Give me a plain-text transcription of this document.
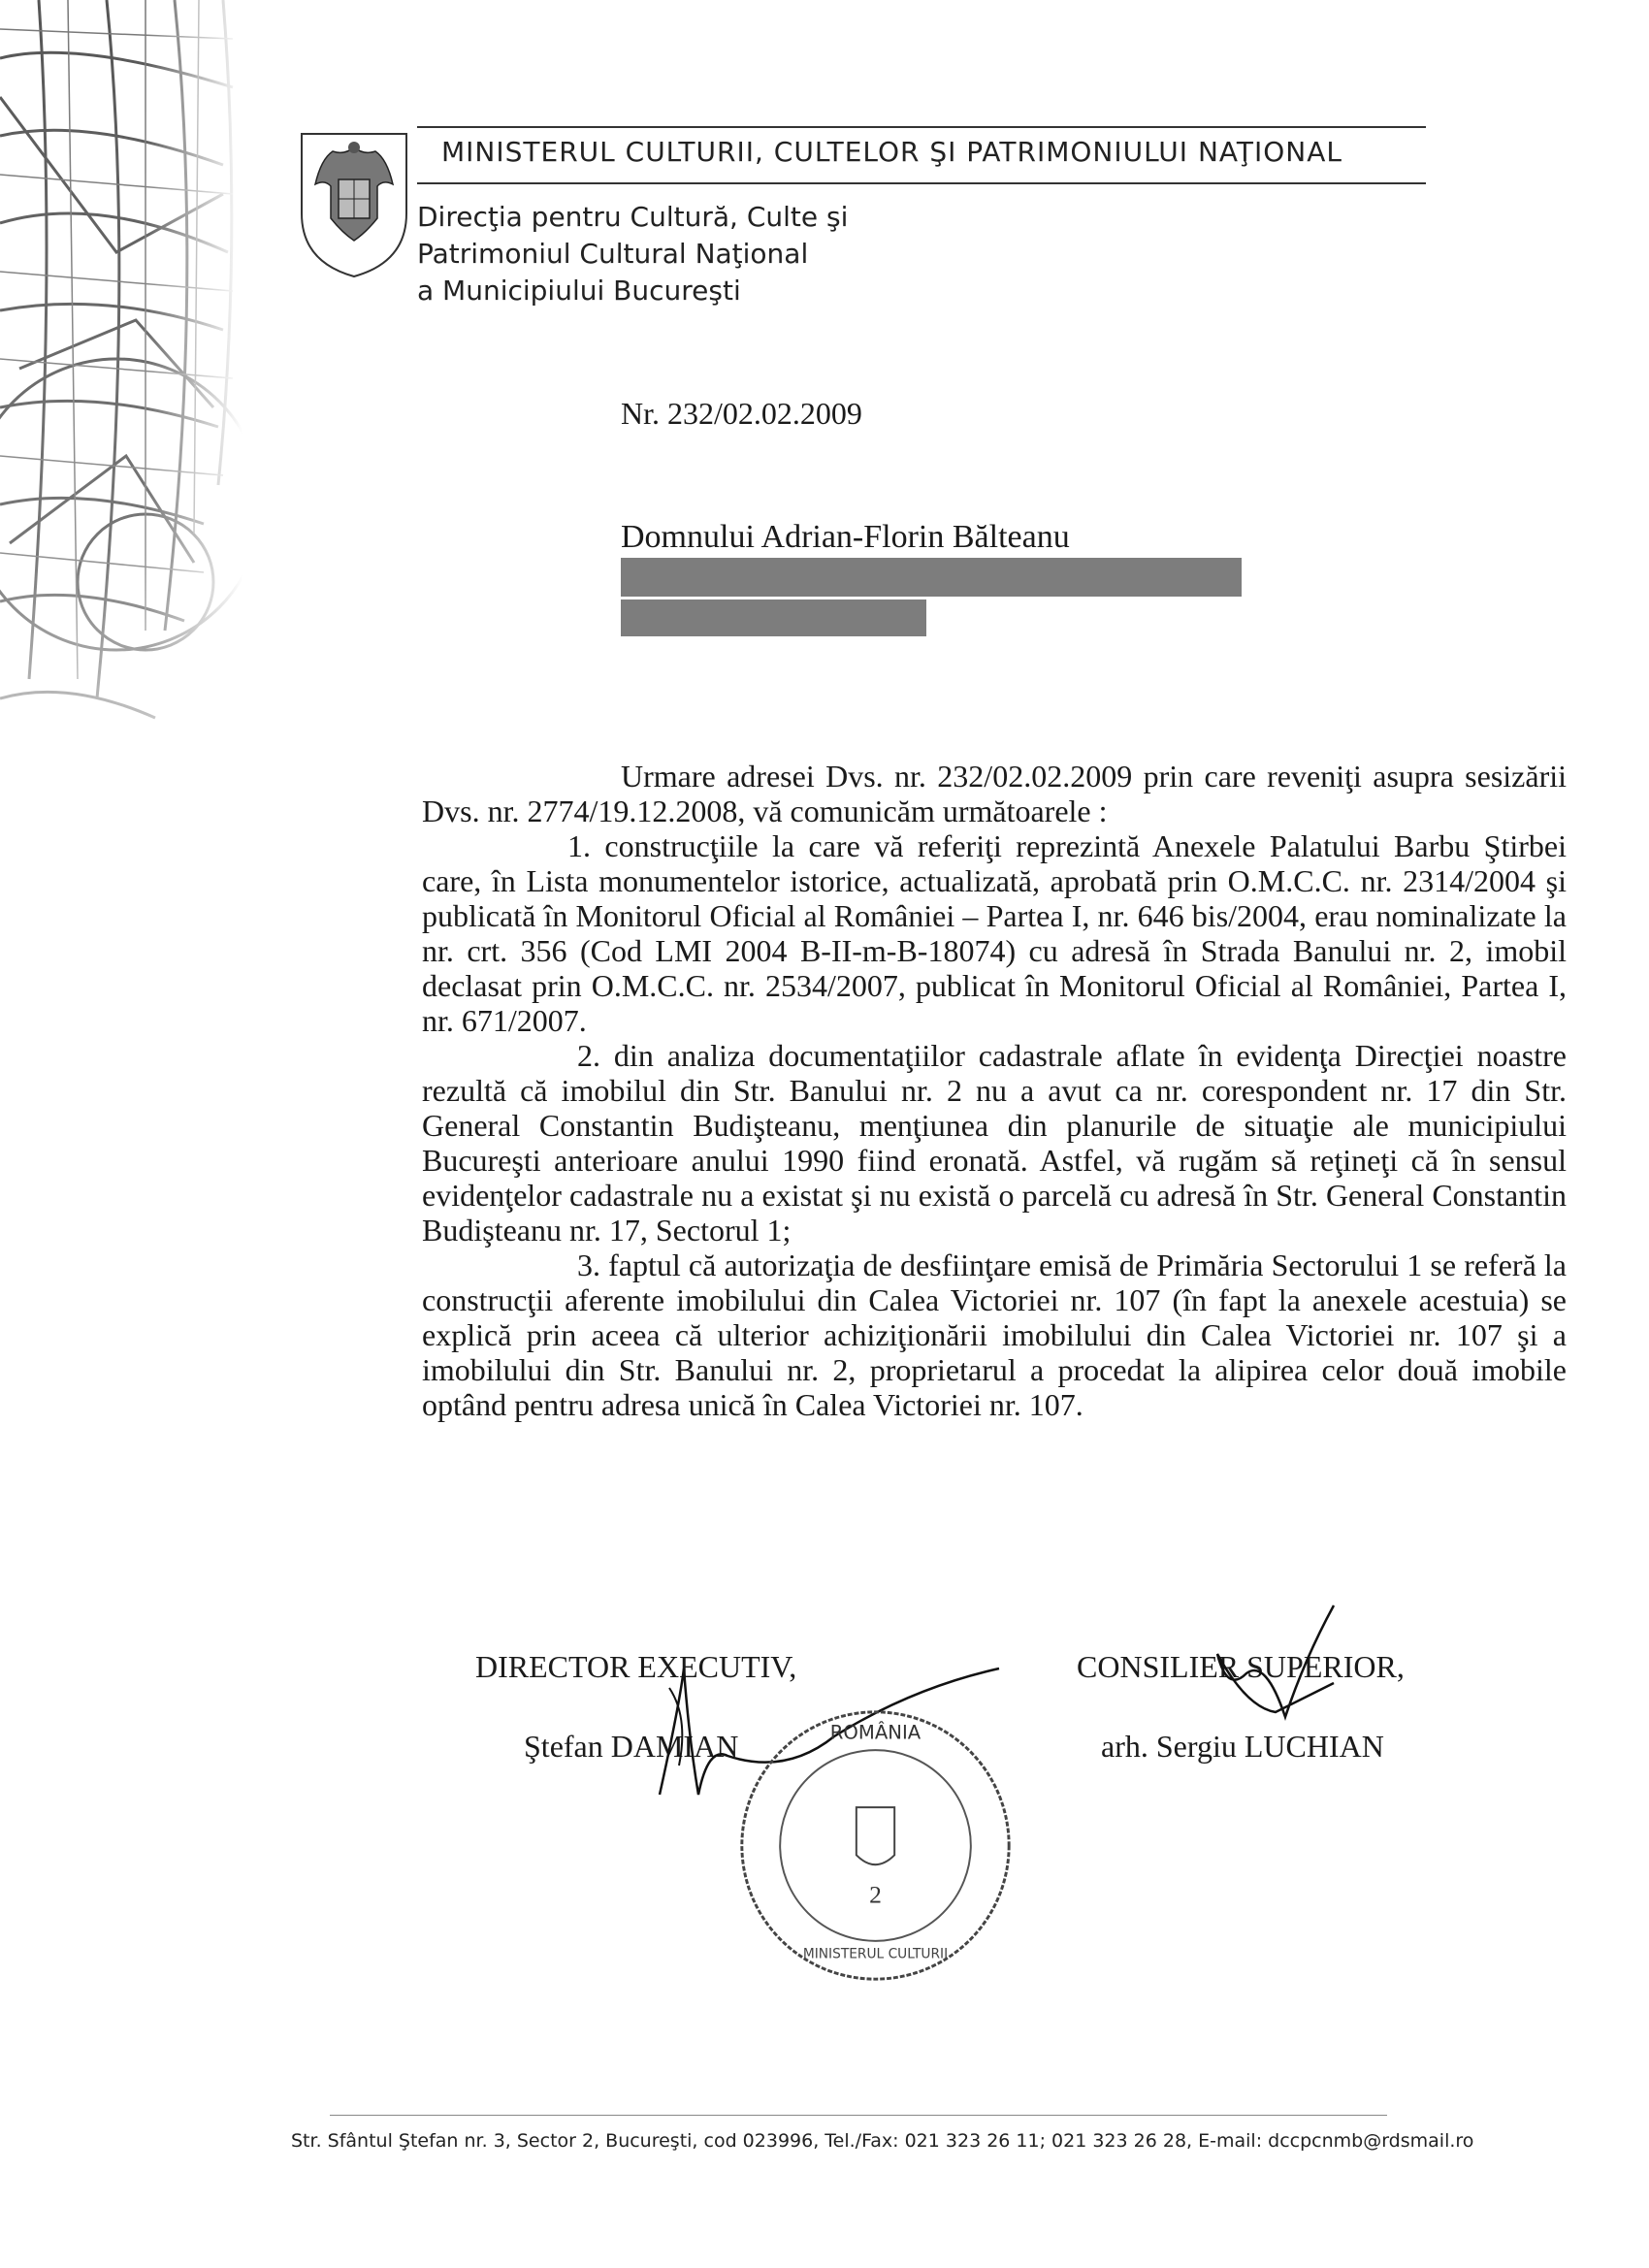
MINISTERUL CULTURII, CULTELOR ŞI PATRIMONIULUI NAŢIONAL
Direcţia pentru Cultură, Culte şi
Patrimoniul Cultural Naţional
a Municipiului Bucureşti
Nr. 232/02.02.2009
Domnului Adrian-Florin Bălteanu

Urmare adresei Dvs. nr. 232/02.02.2009 prin care reveniţi asupra sesizării Dvs. nr. 2774/19.12.2008, vă comunicăm următoarele :

1. construcţiile la care vă referiţi reprezintă Anexele Palatului Barbu Ştirbei care, în Lista monumentelor istorice, actualizată, aprobată prin O.M.C.C. nr. 2314/2004 şi publicată în Monitorul Oficial al României – Partea I, nr. 646 bis/2004, erau nominalizate la nr. crt. 356 (Cod LMI 2004 B-II-m-B-18074) cu adresă în Strada Banului nr. 2, imobil declasat prin O.M.C.C. nr. 2534/2007, publicat în Monitorul Oficial al României, Partea I, nr. 671/2007.

2. din analiza documentaţiilor cadastrale aflate în evidenţa Direcţiei noastre rezultă că imobilul din Str. Banului nr. 2 nu a avut ca nr. corespondent nr. 17 din Str. General Constantin Budişteanu, menţiunea din planurile de situaţie ale municipiului Bucureşti anterioare anului 1990 fiind eronată. Astfel, vă rugăm să reţineţi că în sensul evidenţelor cadastrale nu a existat şi nu există o parcelă cu adresă în Str. General Constantin Budişteanu nr. 17, Sectorul 1;

3. faptul că autorizaţia de desfiinţare emisă de Primăria Sectorului 1 se referă la construcţii aferente imobilului din Calea Victoriei nr. 107 (în fapt la anexele acestuia) se explică prin aceea că ulterior achiziţionării imobilului din Calea Victoriei nr. 107 şi a imobilului din Str. Banului nr. 2, proprietarul a procedat la alipirea celor două imobile optând pentru adresa unică în Calea Victoriei nr. 107.

DIRECTOR EXECUTIV,
Ştefan DAMIAN
CONSILIER SUPERIOR,
arh. Sergiu LUCHIAN
ROMÂNIA
MINISTERUL CULTURII
2
Str. Sfântul Ştefan nr. 3, Sector 2, Bucureşti, cod 023996, Tel./Fax: 021 323 26 11; 021 323 26 28, E-mail: dccpcnmb@rdsmail.ro
